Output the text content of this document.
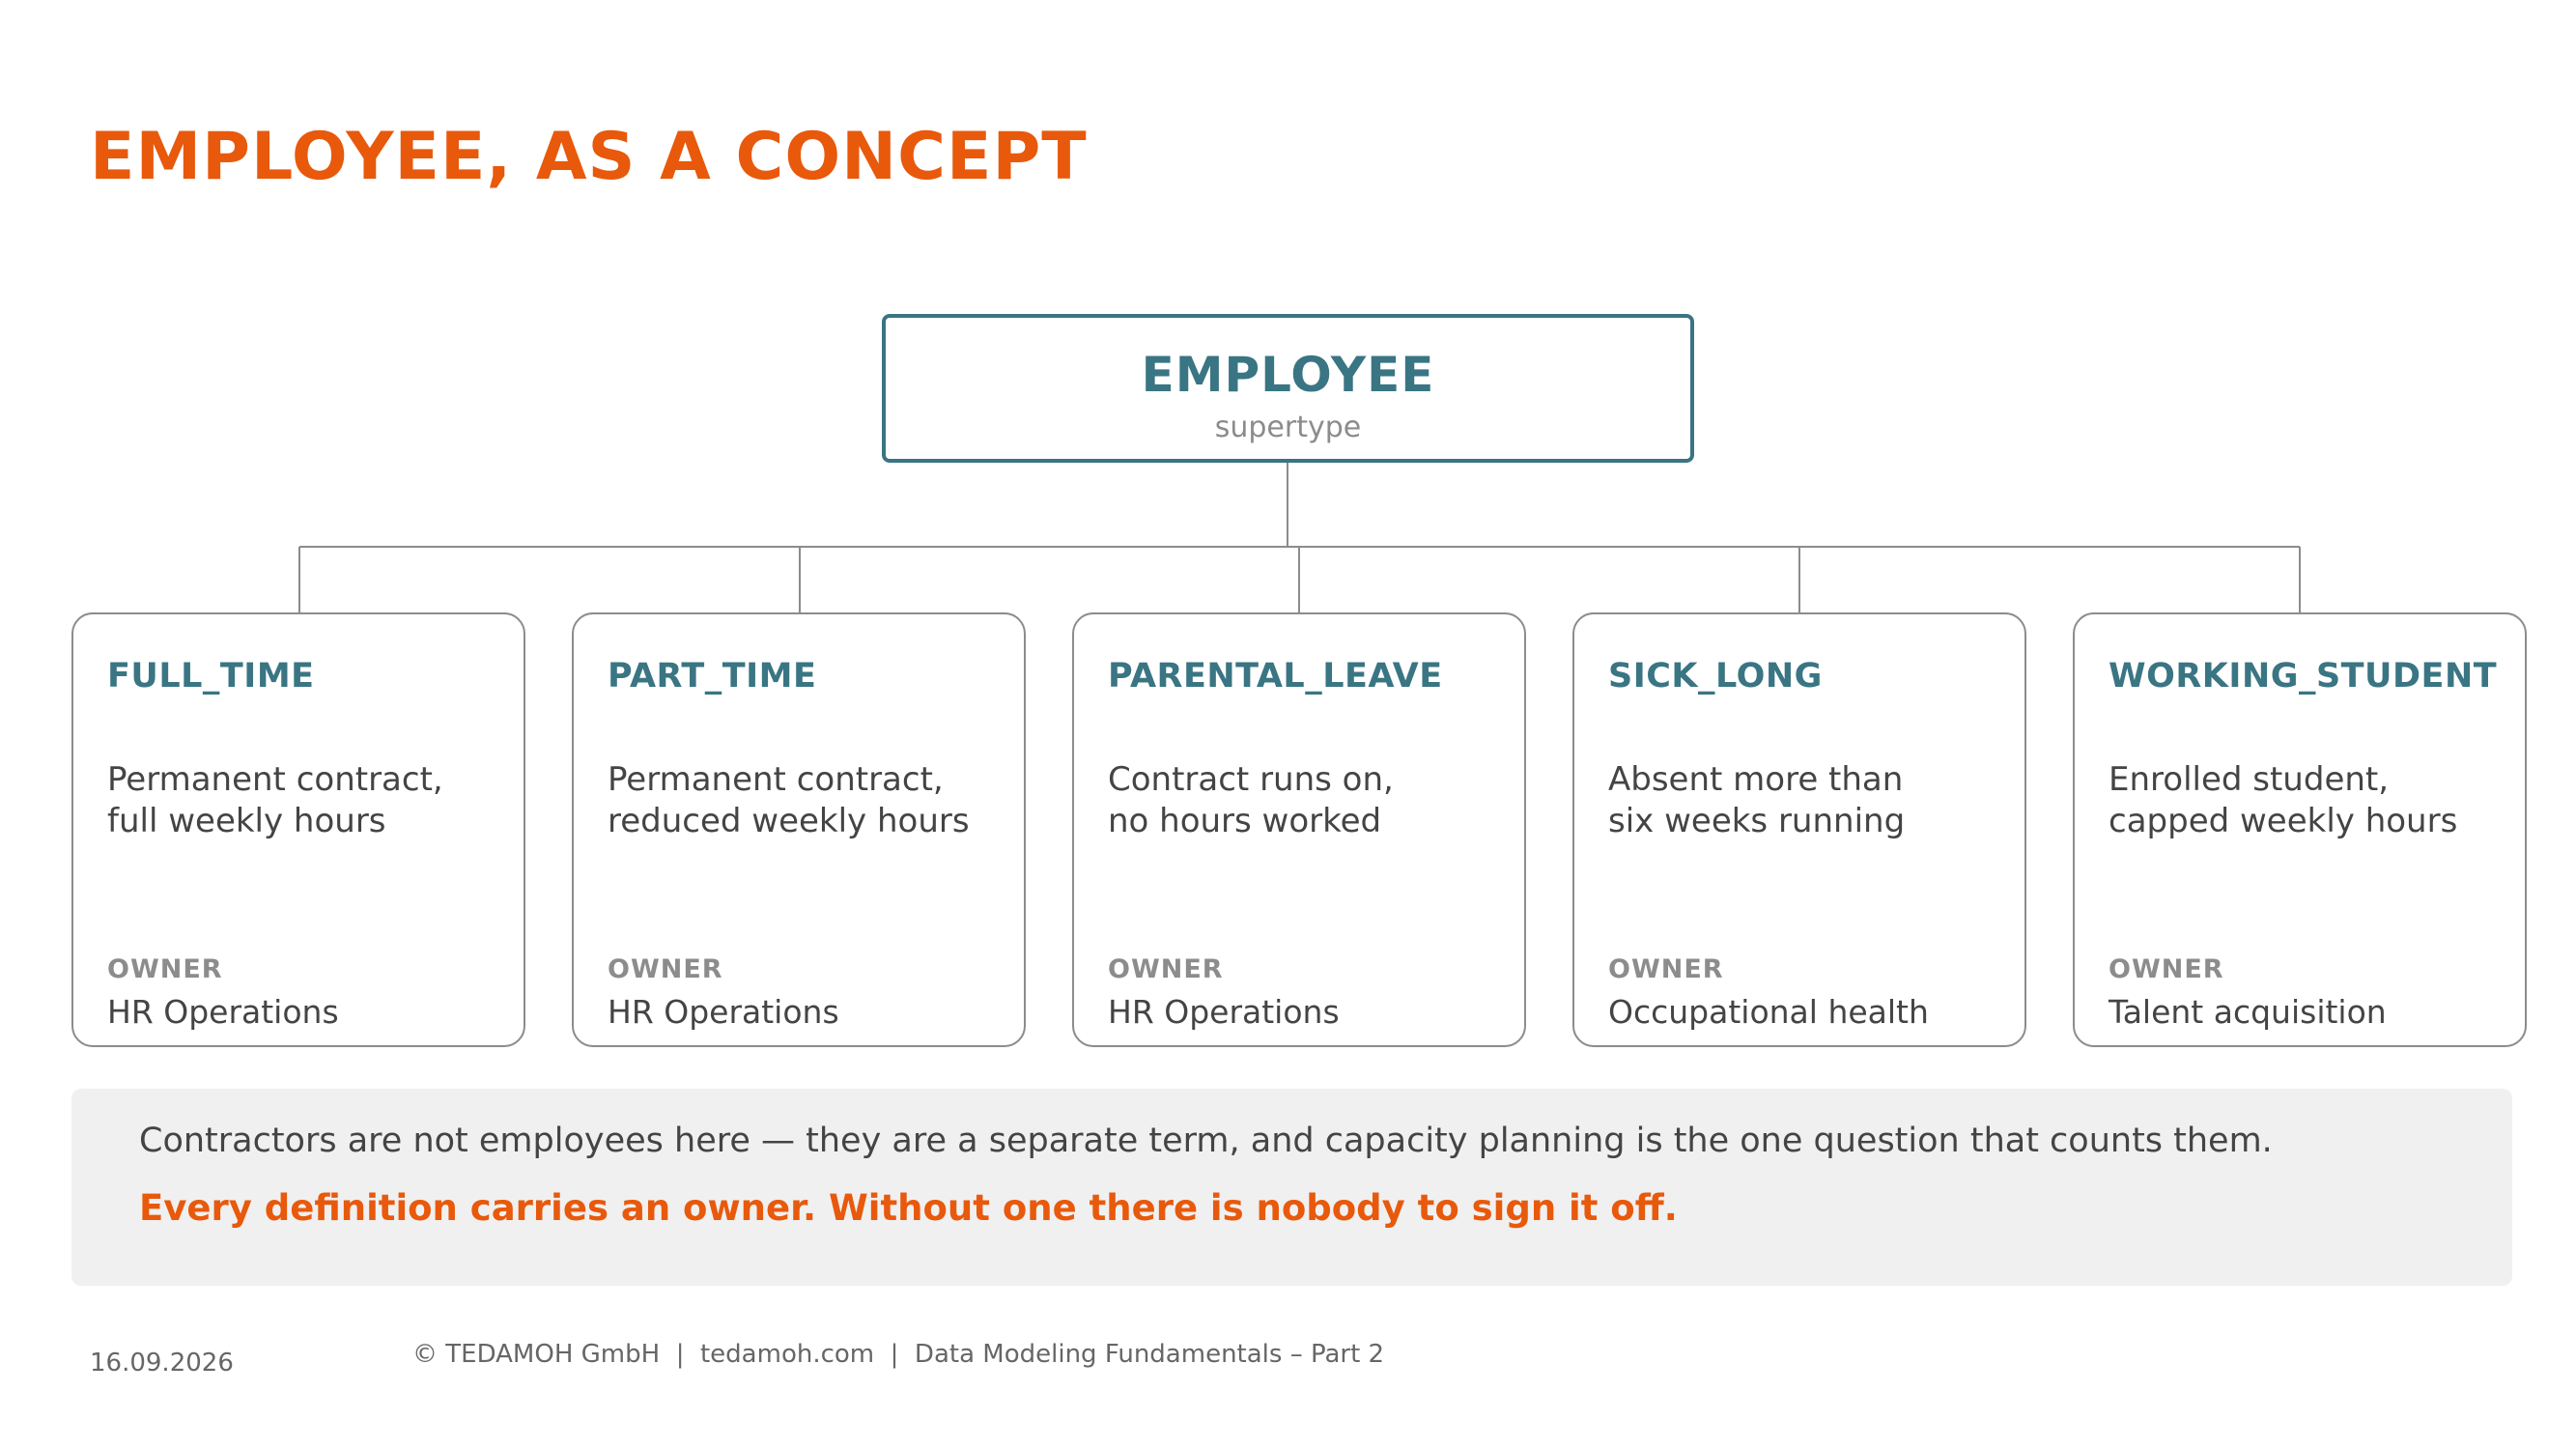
EMPLOYEE, AS A CONCEPT
EMPLOYEE
supertype
FULL_TIME
Permanent contract,
full weekly hours
OWNER
HR Operations
PART_TIME
Permanent contract,
reduced weekly hours
OWNER
HR Operations
PARENTAL_LEAVE
Contract runs on,
no hours worked
OWNER
HR Operations
SICK_LONG
Absent more than
six weeks running
OWNER
Occupational health
WORKING_STUDENT
Enrolled student,
capped weekly hours
OWNER
Talent acquisition
Contractors are not employees here — they are a separate term, and capacity planning is the one question that counts them.
Every definition carries an owner. Without one there is nobody to sign it off.
16.09.2026	© TEDAMOH GmbH  |  tedamoh.com  |  Data Modeling Fundamentals – Part 2
